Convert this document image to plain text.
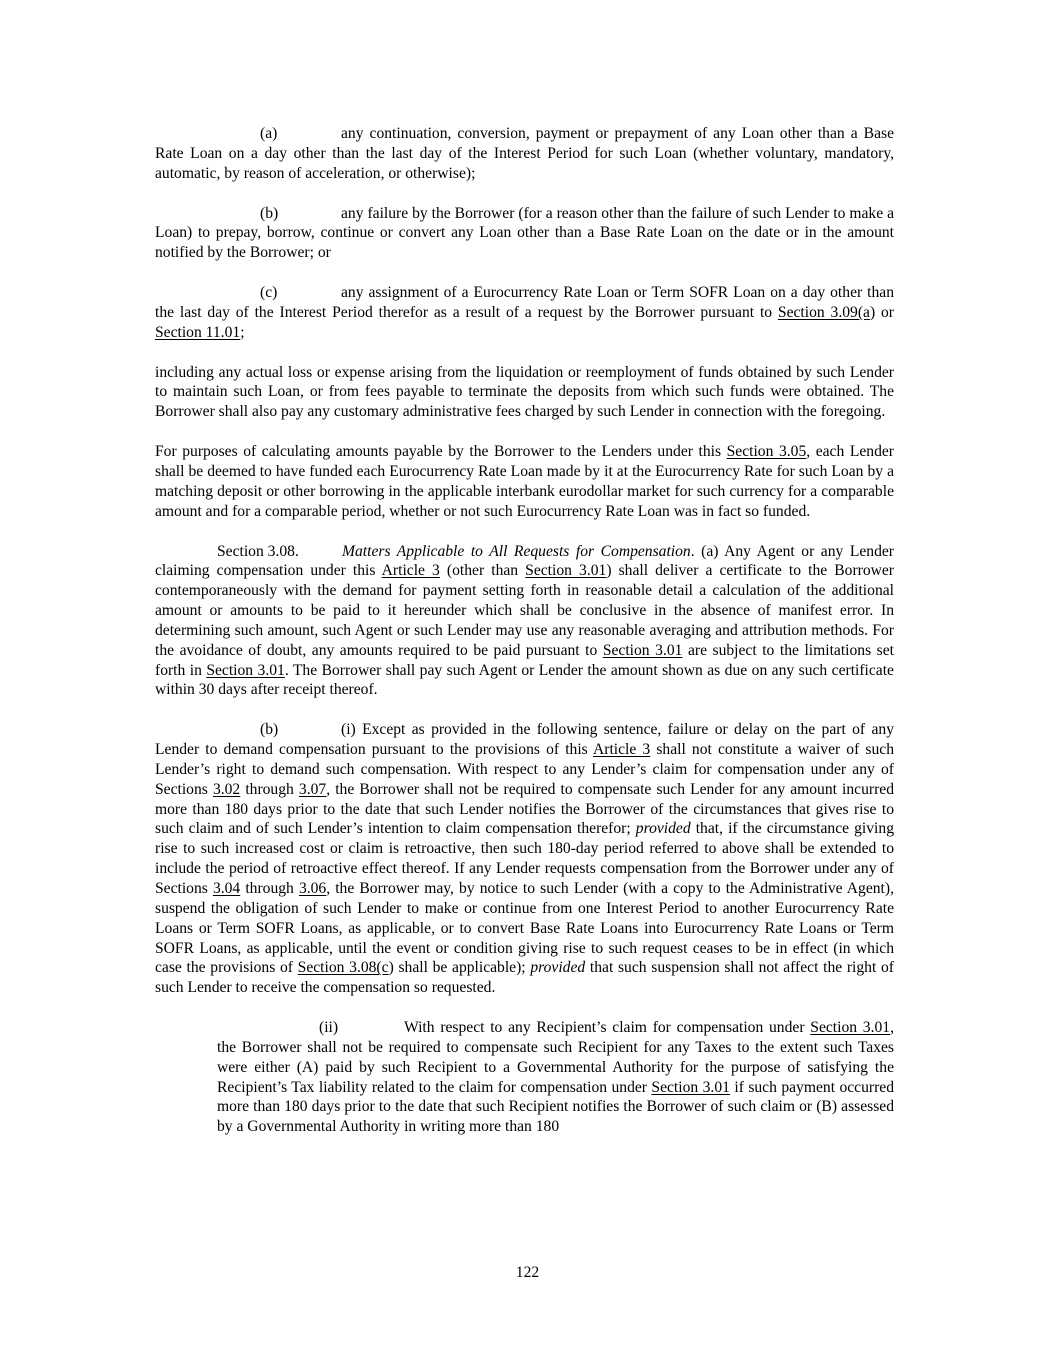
(a)	any continuation, conversion, payment or prepayment of any Loan other than a Base Rate Loan on a day other than the last day of the Interest Period for such Loan (whether voluntary, mandatory, automatic, by reason of acceleration, or otherwise);

(b)	any failure by the Borrower (for a reason other than the failure of such Lender to make a Loan) to prepay, borrow, continue or convert any Loan other than a Base Rate Loan on the date or in the amount notified by the Borrower; or

(c)	any assignment of a Eurocurrency Rate Loan or Term SOFR Loan on a day other than the last day of the Interest Period therefor as a result of a request by the Borrower pursuant to Section 3.09(a) or Section 11.01;

including any actual loss or expense arising from the liquidation or reemployment of funds obtained by such Lender to maintain such Loan, or from fees payable to terminate the deposits from which such funds were obtained. The Borrower shall also pay any customary administrative fees charged by such Lender in connection with the foregoing.

For purposes of calculating amounts payable by the Borrower to the Lenders under this Section 3.05, each Lender shall be deemed to have funded each Eurocurrency Rate Loan made by it at the Eurocurrency Rate for such Loan by a matching deposit or other borrowing in the applicable interbank eurodollar market for such currency for a comparable amount and for a comparable period, whether or not such Eurocurrency Rate Loan was in fact so funded.

Section 3.08.	Matters Applicable to All Requests for Compensation. (a) Any Agent or any Lender claiming compensation under this Article 3 (other than Section 3.01) shall deliver a certificate to the Borrower contemporaneously with the demand for payment setting forth in reasonable detail a calculation of the additional amount or amounts to be paid to it hereunder which shall be conclusive in the absence of manifest error. In determining such amount, such Agent or such Lender may use any reasonable averaging and attribution methods. For the avoidance of doubt, any amounts required to be paid pursuant to Section 3.01 are subject to the limitations set forth in Section 3.01. The Borrower shall pay such Agent or Lender the amount shown as due on any such certificate within 30 days after receipt thereof.

(b)	(i) Except as provided in the following sentence, failure or delay on the part of any Lender to demand compensation pursuant to the provisions of this Article 3 shall not constitute a waiver of such Lender’s right to demand such compensation. With respect to any Lender’s claim for compensation under any of Sections 3.02 through 3.07, the Borrower shall not be required to compensate such Lender for any amount incurred more than 180 days prior to the date that such Lender notifies the Borrower of the circumstances that gives rise to such claim and of such Lender’s intention to claim compensation therefor; provided that, if the circumstance giving rise to such increased cost or claim is retroactive, then such 180-day period referred to above shall be extended to include the period of retroactive effect thereof. If any Lender requests compensation from the Borrower under any of Sections 3.04 through 3.06, the Borrower may, by notice to such Lender (with a copy to the Administrative Agent), suspend the obligation of such Lender to make or continue from one Interest Period to another Eurocurrency Rate Loans or Term SOFR Loans, as applicable, or to convert Base Rate Loans into Eurocurrency Rate Loans or Term SOFR Loans, as applicable, until the event or condition giving rise to such request ceases to be in effect (in which case the provisions of Section 3.08(c) shall be applicable); provided that such suspension shall not affect the right of such Lender to receive the compensation so requested.

(ii)	With respect to any Recipient’s claim for compensation under Section 3.01, the Borrower shall not be required to compensate such Recipient for any Taxes to the extent such Taxes were either (A) paid by such Recipient to a Governmental Authority for the purpose of satisfying the Recipient’s Tax liability related to the claim for compensation under Section 3.01 if such payment occurred more than 180 days prior to the date that such Recipient notifies the Borrower of such claim or (B) assessed by a Governmental Authority in writing more than 180

122
